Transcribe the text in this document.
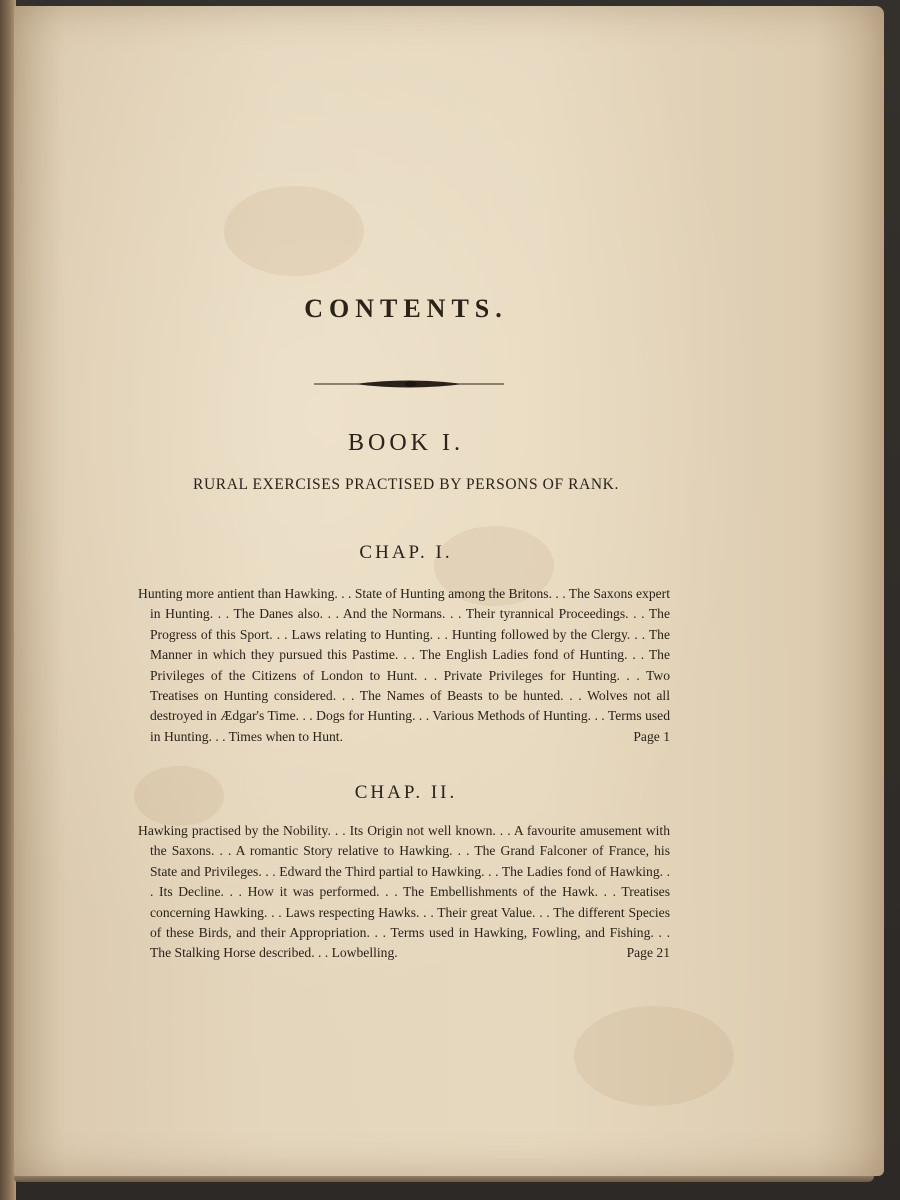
CONTENTS.
BOOK I.
RURAL EXERCISES PRACTISED BY PERSONS OF RANK.
CHAP. I.
Hunting more antient than Hawking. . . State of Hunting among the Britons. . . The Saxons expert in Hunting. . . The Danes also. . . And the Normans. . . Their tyrannical Proceedings. . . The Progress of this Sport. . . Laws relating to Hunting. . . Hunting followed by the Clergy. . . The Manner in which they pursued this Pastime. . . The English Ladies fond of Hunting. . . The Privileges of the Citizens of London to Hunt. . . Private Privileges for Hunting. . . Two Treatises on Hunting considered. . . The Names of Beasts to be hunted. . . Wolves not all destroyed in Ædgar's Time. . . Dogs for Hunting. . . Various Methods of Hunting. . . Terms used in Hunting. . . Times when to Hunt.	Page 1
CHAP. II.
Hawking practised by the Nobility. . . Its Origin not well known. . . A favourite amusement with the Saxons. . . A romantic Story relative to Hawking. . . The Grand Falconer of France, his State and Privileges. . . Edward the Third partial to Hawking. . . The Ladies fond of Hawking. . . Its Decline. . . How it was performed. . . The Embellishments of the Hawk. . . Treatises concerning Hawking. . . Laws respecting Hawks. . . Their great Value. . . The different Species of these Birds, and their Appropriation. . . Terms used in Hawking, Fowling, and Fishing. . . The Stalking Horse described. . . Lowbelling.	Page 21
